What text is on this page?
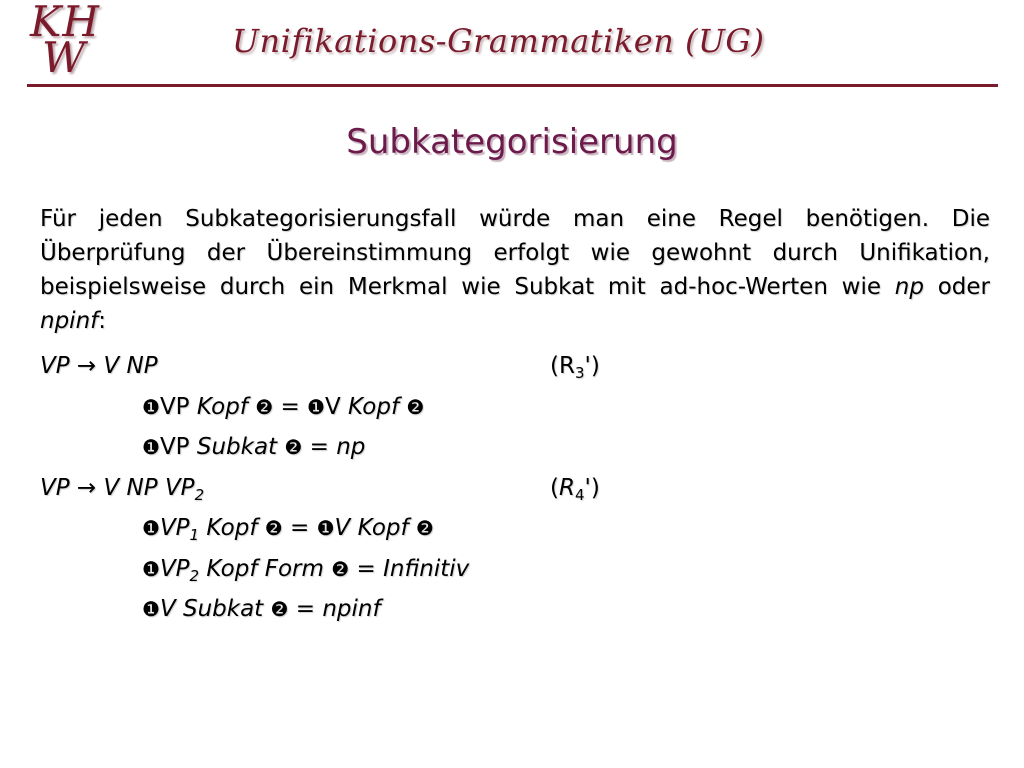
KH
W	Unifikations-Grammatiken (UG)
Subkategorisierung
Für jeden Subkategorisierungsfall würde man eine Regel benötigen. Die Überprüfung der Übereinstimmung erfolgt wie gewohnt durch Unifikation, beispielsweise durch ein Merkmal wie Subkat mit ad-hoc-Werten wie np oder npinf:
VP → V NP	$(R_3')$
❶VP Kopf ❷ = ❶V Kopf ❷
❶VP Subkat ❷ = np
VP → V NP $VP_2$	$(R_4')$
$❶VP_1$ Kopf ❷ = ❶V Kopf ❷
$❶VP_2$ Kopf Form ❷ = Infinitiv
❶V Subkat ❷ = npinf
